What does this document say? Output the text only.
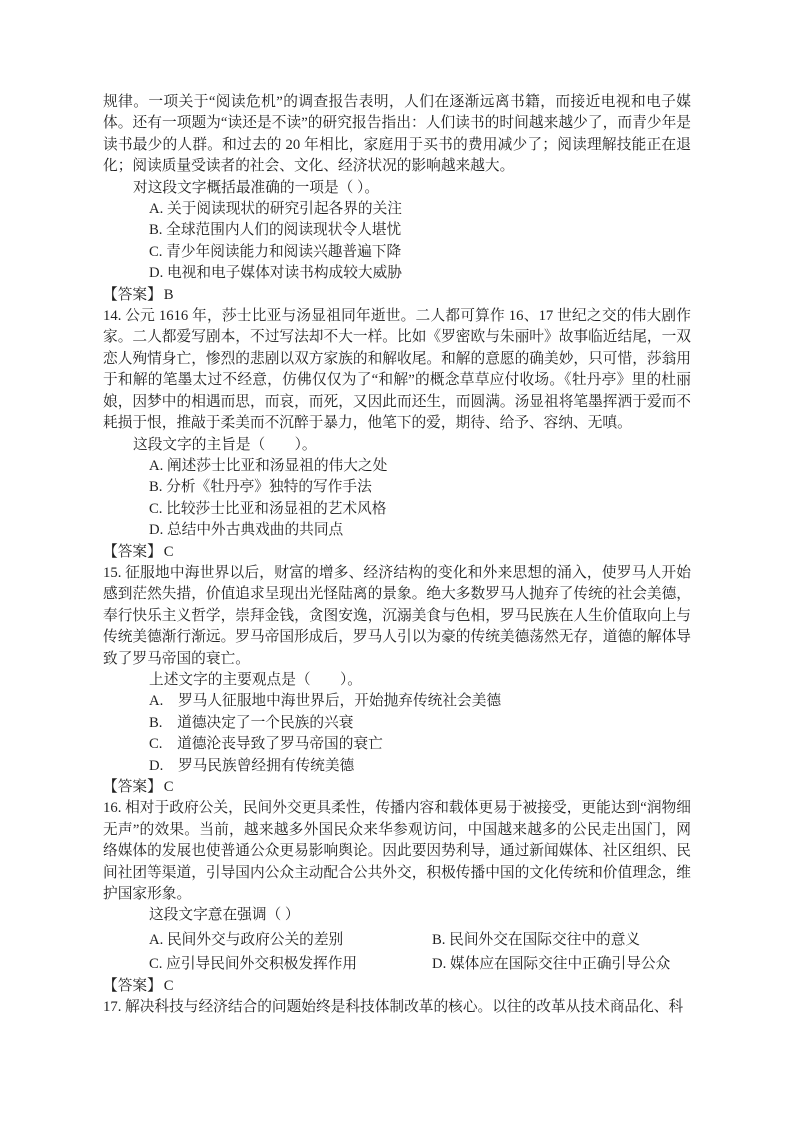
规律。一项关于“阅读危机”的调查报告表明，人们在逐渐远离书籍，而接近电视和电子媒体。还有一项题为“读还是不读”的研究报告指出：人们读书的时间越来越少了，而青少年是读书最少的人群。和过去的 20 年相比，家庭用于买书的费用减少了；阅读理解技能正在退化；阅读质量受读者的社会、文化、经济状况的影响越来越大。

对这段文字概括最准确的一项是（ ）。

A. 关于阅读现状的研究引起各界的关注

B. 全球范围内人们的阅读现状令人堪忧

C. 青少年阅读能力和阅读兴趣普遍下降

D. 电视和电子媒体对读书构成较大威胁

【答案】 B

14. 公元 1616 年，莎士比亚与汤显祖同年逝世。二人都可算作 16、17 世纪之交的伟大剧作家。二人都爱写剧本，不过写法却不大一样。比如《罗密欧与朱丽叶》故事临近结尾，一双恋人殉情身亡，惨烈的悲剧以双方家族的和解收尾。和解的意愿的确美妙，只可惜，莎翁用于和解的笔墨太过不经意，仿佛仅仅为了“和解”的概念草草应付收场。《牡丹亭》里的杜丽娘，因梦中的相遇而思，而哀，而死，又因此而还生，而圆满。汤显祖将笔墨挥洒于爱而不耗损于恨，推敲于柔美而不沉醉于暴力，他笔下的爱，期待、给予、容纳、无嗔。

这段文字的主旨是（　　）。

A. 阐述莎士比亚和汤显祖的伟大之处

B. 分析《牡丹亭》独特的写作手法

C. 比较莎士比亚和汤显祖的艺术风格

D. 总结中外古典戏曲的共同点

【答案】 C

15. 征服地中海世界以后，财富的增多、经济结构的变化和外来思想的涌入，使罗马人开始感到茫然失措，价值追求呈现出光怪陆离的景象。绝大多数罗马人抛弃了传统的社会美德，奉行快乐主义哲学，崇拜金钱，贪图安逸，沉溺美食与色相，罗马民族在人生价值取向上与传统美德渐行渐远。罗马帝国形成后，罗马人引以为豪的传统美德荡然无存，道德的解体导致了罗马帝国的衰亡。

上述文字的主要观点是（　　）。

A.　罗马人征服地中海世界后，开始抛弃传统社会美德

B.　道德决定了一个民族的兴衰

C.　道德沦丧导致了罗马帝国的衰亡

D.　罗马民族曾经拥有传统美德

【答案】 C

16. 相对于政府公关，民间外交更具柔性，传播内容和载体更易于被接受，更能达到“润物细无声”的效果。当前，越来越多外国民众来华参观访问，中国越来越多的公民走出国门，网络媒体的发展也使普通公众更易影响舆论。因此要因势利导，通过新闻媒体、社区组织、民间社团等渠道，引导国内公众主动配合公共外交，积极传播中国的文化传统和价值理念，维护国家形象。

这段文字意在强调（ ）

A. 民间外交与政府公关的差别	B. 民间外交在国际交往中的意义

C. 应引导民间外交积极发挥作用	D. 媒体应在国际交往中正确引导公众

【答案】 C

17. 解决科技与经济结合的问题始终是科技体制改革的核心。以往的改革从技术商品化、科
